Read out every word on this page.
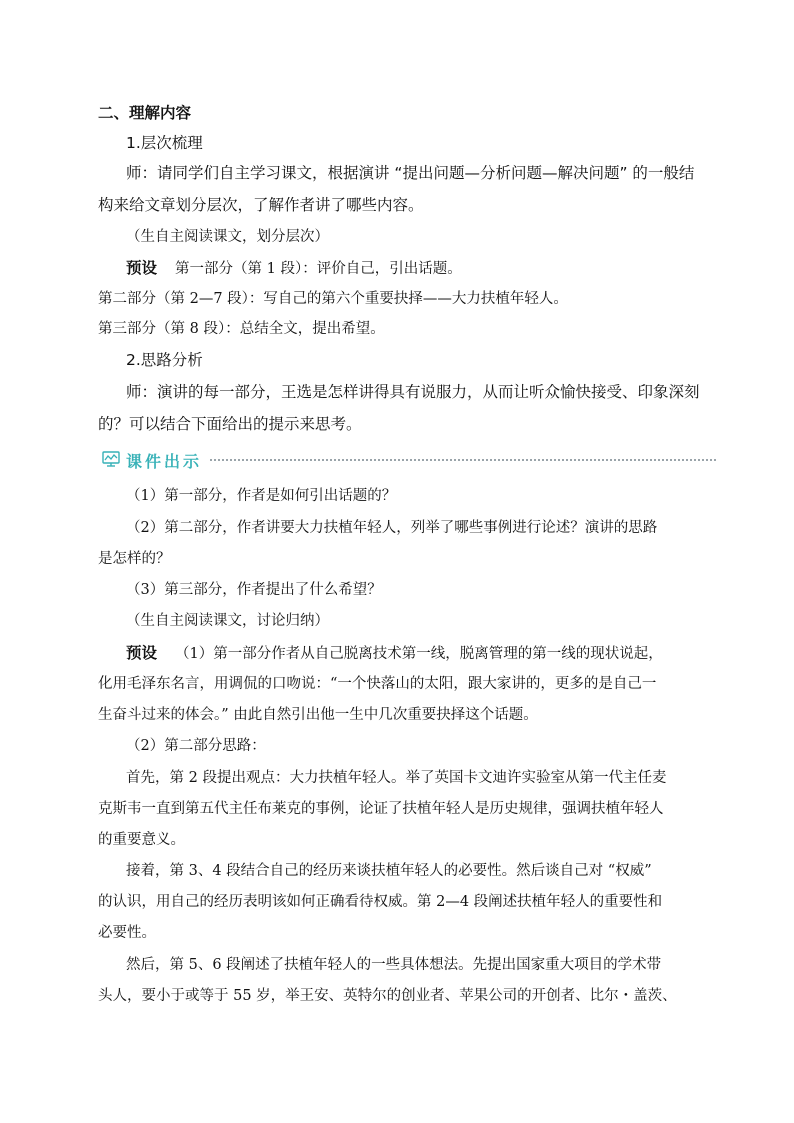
二、理解内容
1.层次梳理
师：请同学们自主学习课文，根据演讲 “提出问题—分析问题—解决问题” 的一般结
构来给文章划分层次，了解作者讲了哪些内容。
（生自主阅读课文，划分层次）
预设 第一部分（第 1 段）：评价自己，引出话题。
第二部分（第 2—7 段）：写自己的第六个重要抉择——大力扶植年轻人。
第三部分（第 8 段）：总结全文，提出希望。
2.思路分析
师：演讲的每一部分，王选是怎样讲得具有说服力，从而让听众愉快接受、印象深刻
的？可以结合下面给出的提示来思考。
课件出示
（1）第一部分，作者是如何引出话题的？
（2）第二部分，作者讲要大力扶植年轻人，列举了哪些事例进行论述？演讲的思路
是怎样的？
（3）第三部分，作者提出了什么希望？
（生自主阅读课文，讨论归纳）
预设 （1）第一部分作者从自己脱离技术第一线，脱离管理的第一线的现状说起，
化用毛泽东名言，用调侃的口吻说：“一个快落山的太阳，跟大家讲的，更多的是自己一
生奋斗过来的体会。” 由此自然引出他一生中几次重要抉择这个话题。
（2）第二部分思路：
首先，第 2 段提出观点：大力扶植年轻人。举了英国卡文迪许实验室从第一代主任麦
克斯韦一直到第五代主任布莱克的事例，论证了扶植年轻人是历史规律，强调扶植年轻人
的重要意义。
接着，第 3、4 段结合自己的经历来谈扶植年轻人的必要性。然后谈自己对 “权威”
的认识，用自己的经历表明该如何正确看待权威。第 2—4 段阐述扶植年轻人的重要性和
必要性。
然后，第 5、6 段阐述了扶植年轻人的一些具体想法。先提出国家重大项目的学术带
头人，要小于或等于 55 岁，举王安、英特尔的创业者、苹果公司的开创者、比尔・盖茨、
